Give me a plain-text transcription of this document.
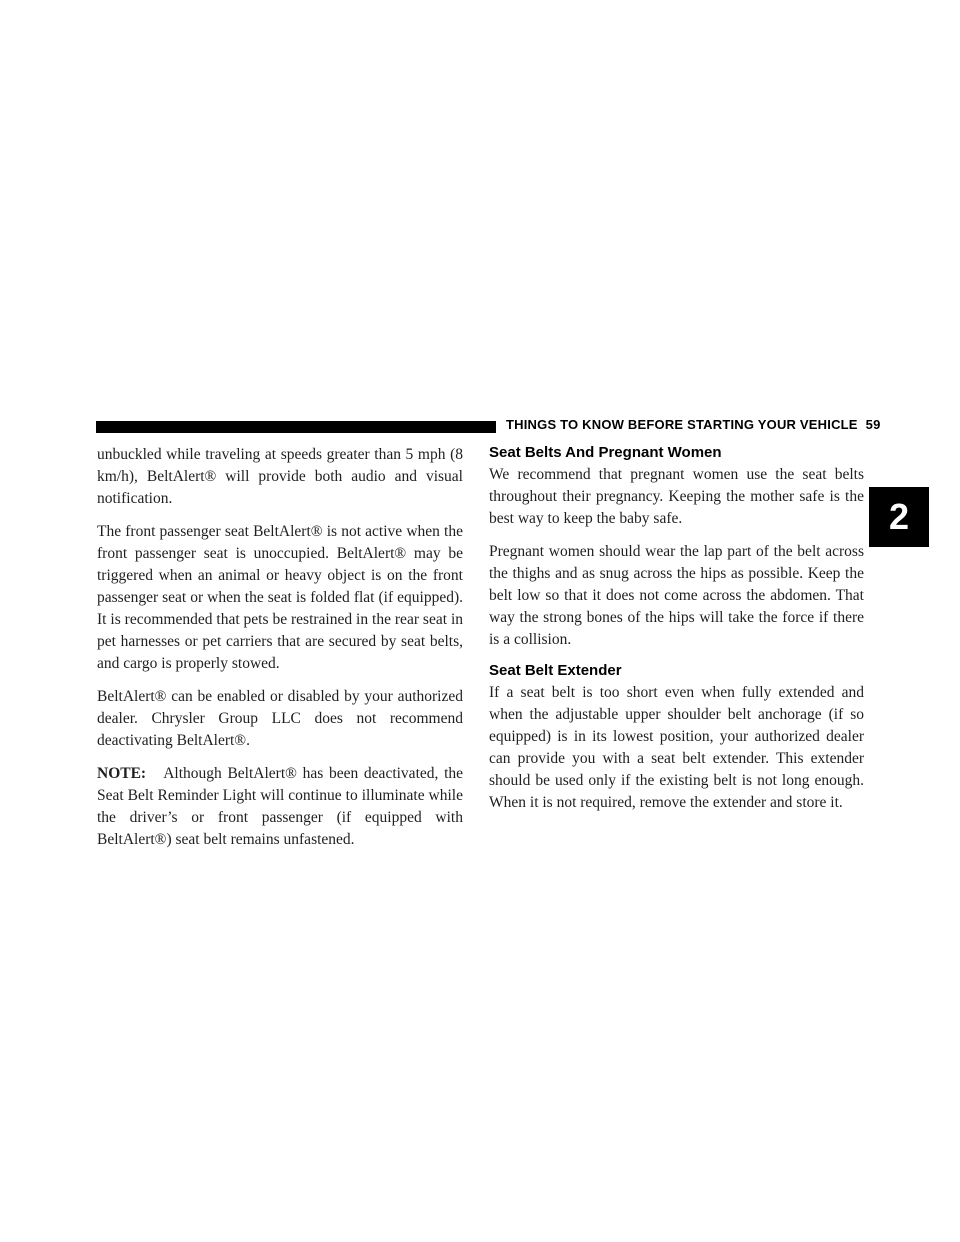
THINGS TO KNOW BEFORE STARTING YOUR VEHICLE 59
2

unbuckled while traveling at speeds greater than 5 mph (8 km/h), BeltAlert® will provide both audio and visual notification.

The front passenger seat BeltAlert® is not active when the front passenger seat is unoccupied. BeltAlert® may be triggered when an animal or heavy object is on the front passenger seat or when the seat is folded flat (if equipped). It is recommended that pets be restrained in the rear seat in pet harnesses or pet carriers that are secured by seat belts, and cargo is properly stowed.

BeltAlert® can be enabled or disabled by your authorized dealer. Chrysler Group LLC does not recommend deactivating BeltAlert®.

NOTE: Although BeltAlert® has been deactivated, the Seat Belt Reminder Light will continue to illuminate while the driver’s or front passenger (if equipped with BeltAlert®) seat belt remains unfastened.

Seat Belts And Pregnant Women

We recommend that pregnant women use the seat belts throughout their pregnancy. Keeping the mother safe is the best way to keep the baby safe.

Pregnant women should wear the lap part of the belt across the thighs and as snug across the hips as possible. Keep the belt low so that it does not come across the abdomen. That way the strong bones of the hips will take the force if there is a collision.

Seat Belt Extender

If a seat belt is too short even when fully extended and when the adjustable upper shoulder belt anchorage (if so equipped) is in its lowest position, your authorized dealer can provide you with a seat belt extender. This extender should be used only if the existing belt is not long enough. When it is not required, remove the extender and store it.
